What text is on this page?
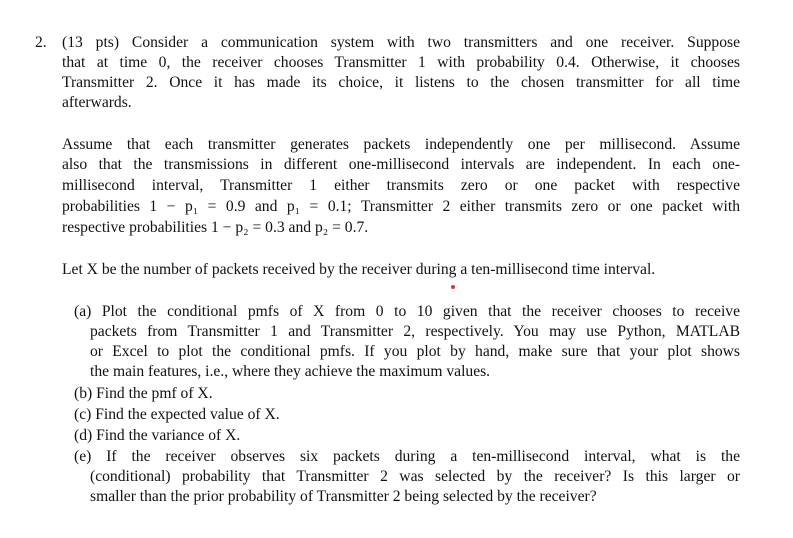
2. (13 pts) Consider a communication system with two transmitters and one receiver. Suppose
that at time 0, the receiver chooses Transmitter 1 with probability 0.4. Otherwise, it chooses
Transmitter 2. Once it has made its choice, it listens to the chosen transmitter for all time
afterwards.
Assume that each transmitter generates packets independently one per millisecond. Assume
also that the transmissions in different one-millisecond intervals are independent. In each one-
millisecond interval, Transmitter 1 either transmits zero or one packet with respective
probabilities 1 − p₁ = 0.9 and p₁ = 0.1; Transmitter 2 either transmits zero or one packet with
respective probabilities 1 − p₂ = 0.3 and p₂ = 0.7.
Let X be the number of packets received by the receiver during a ten-millisecond time interval.
(a) Plot the conditional pmfs of X from 0 to 10 given that the receiver chooses to receive
packets from Transmitter 1 and Transmitter 2, respectively. You may use Python, MATLAB
or Excel to plot the conditional pmfs. If you plot by hand, make sure that your plot shows
the main features, i.e., where they achieve the maximum values.
(b) Find the pmf of X.
(c) Find the expected value of X.
(d) Find the variance of X.
(e) If the receiver observes six packets during a ten-millisecond interval, what is the
(conditional) probability that Transmitter 2 was selected by the receiver? Is this larger or
smaller than the prior probability of Transmitter 2 being selected by the receiver?
